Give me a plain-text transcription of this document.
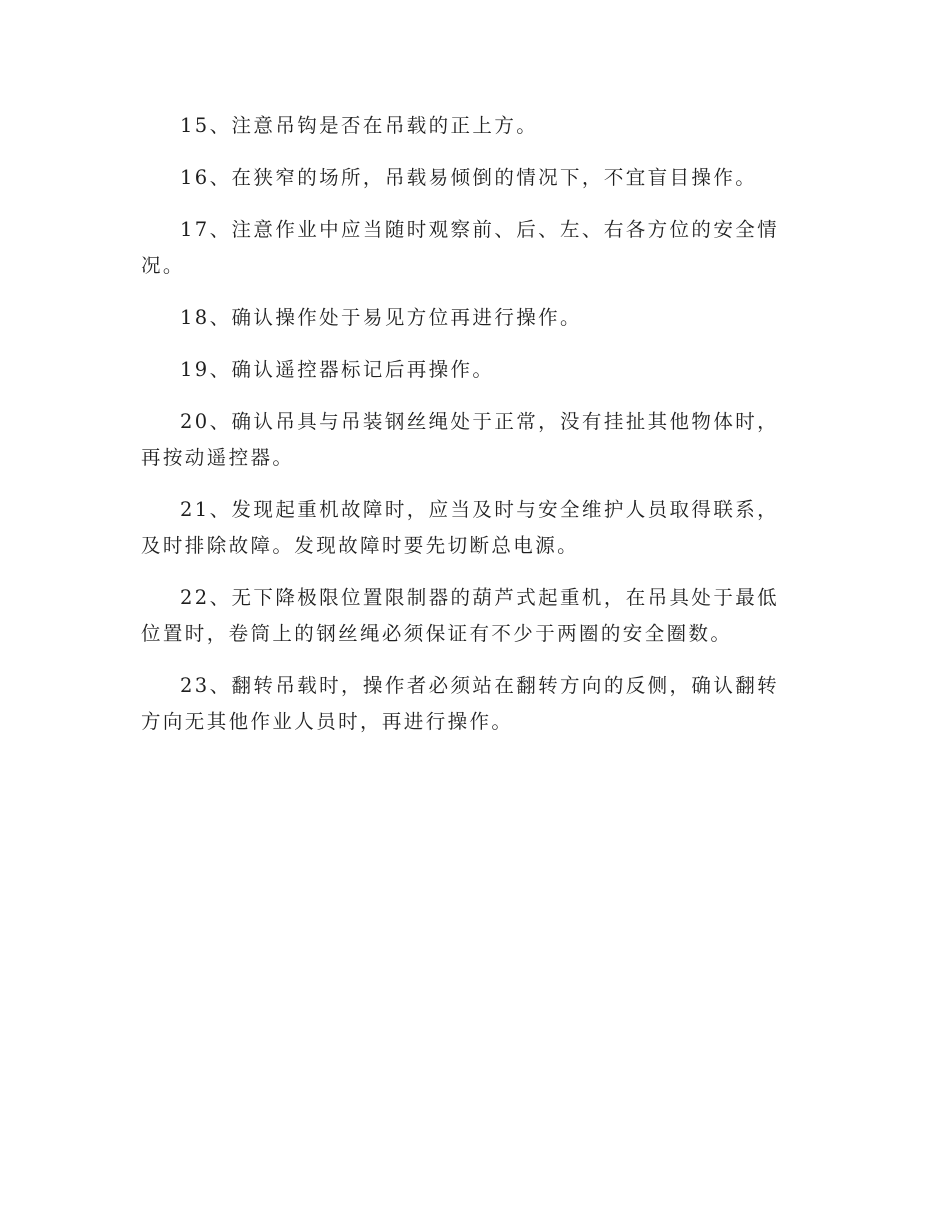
15、注意吊钩是否在吊载的正上方。

16、在狭窄的场所，吊载易倾倒的情况下，不宜盲目操作。

17、注意作业中应当随时观察前、后、左、右各方位的安全情况。

18、确认操作处于易见方位再进行操作。

19、确认遥控器标记后再操作。

20、确认吊具与吊装钢丝绳处于正常，没有挂扯其他物体时，再按动遥控器。

21、发现起重机故障时，应当及时与安全维护人员取得联系，及时排除故障。发现故障时要先切断总电源。

22、无下降极限位置限制器的葫芦式起重机，在吊具处于最低位置时，卷筒上的钢丝绳必须保证有不少于两圈的安全圈数。

23、翻转吊载时，操作者必须站在翻转方向的反侧，确认翻转方向无其他作业人员时，再进行操作。
